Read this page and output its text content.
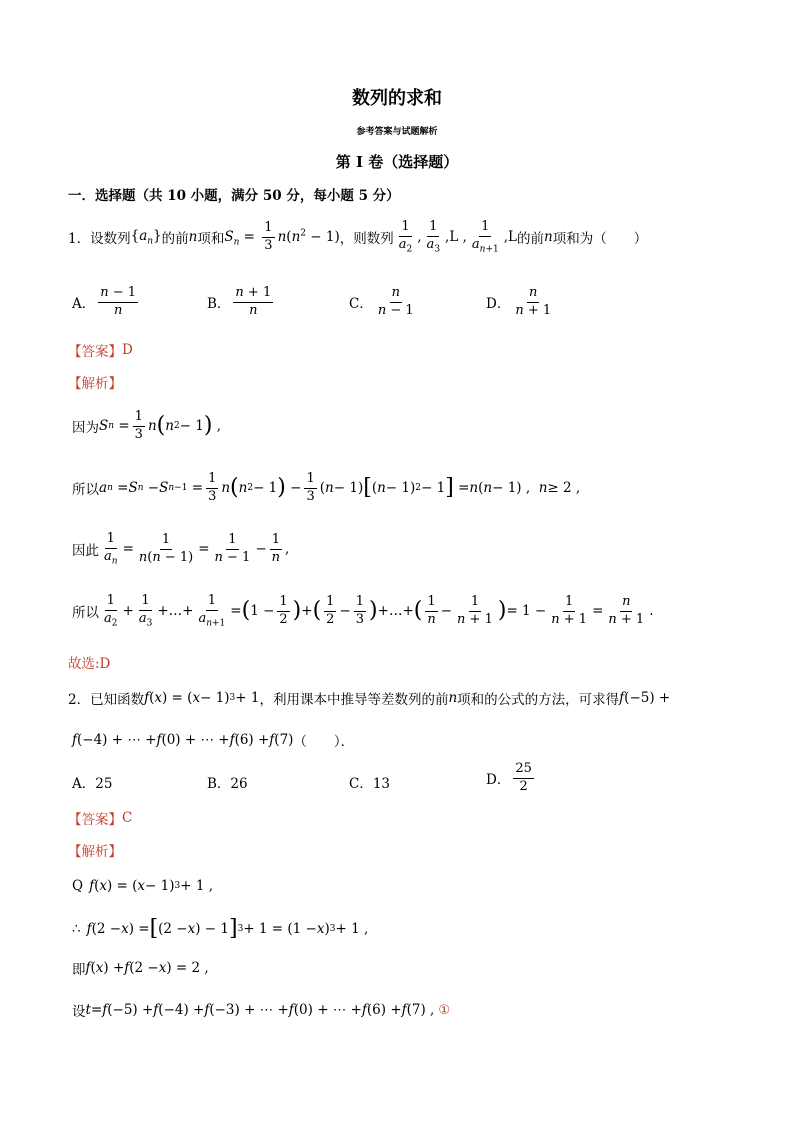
数列的求和
参考答案与试题解析
第 I 卷（选择题）
一．选择题（共 10 小题，满分 50 分，每小题 5 分）
1． 设数列 $\{a_n\}$ 的前 n 项和 $S_n = \frac{1}{3} n(n^2 - 1)$ ，则数列 $\frac{1}{a_2}$ , $\frac{1}{a_3} ,L$ , $\frac{1}{a_{n+1}} ,L$ 的前 n 项和为（　　）
A． $\frac{n - 1}{n}$	B． $\frac{n + 1}{n}$	C． $\frac{n}{n - 1}$	D． $\frac{n}{n + 1}$
【答案】 D
【解析】
因为 S $n = \frac{1}{3}$ n ( n 2 − 1 ) ,
所以 a n = S n − S $n-1 = \frac{1}{3}$ n ( n 2 − 1 ) − $\frac{1}{3}$ ( n − 1) [ ( n − 1) 2 − 1 ] = n ( n − 1) , n ≥ 2 ,
因此 $\frac{1}{a_n} = \frac{1}{n(n - 1)} = \frac{1}{n - 1} - \frac{1}{n}$ ,
所以 $\frac{1}{a_2} + \frac{1}{a_3}$ +…+ $\frac{1}{a_{n+1}}$ = ( $1 - \frac{1}{2}$ ) + ( $\frac{1}{2} - \frac{1}{3}$ ) +…+ ( $\frac{1}{n} - \frac{1}{n + 1}$ ) = $1 - \frac{1}{n + 1} = \frac{n}{n + 1}$ .
故选:D
2． 已知函数 f ( x ) = ( x − 1) 3 + 1 ，利用课本中推导等差数列的前 n 项和的公式的方法，可求得 f (−5) +
f (−4) + ⋯ + f (0) + ⋯ + f (6) + f (7) （　　）．
A．25	B．26	C．13	D． $\frac{25}{2}$
【答案】 C
【解析】
Q f ( x ) = ( x − 1) 3 + 1 ,
∴ f (2 − x ) = [ (2 − x ) − 1 ] 3 + 1 = (1 − x ) 3 + 1 ,
即 f ( x ) + f (2 − x ) = 2 ,
设 t = f (−5) + f (−4) + f (−3) + ⋯ + f (0) + ⋯ + f (6) + f (7) , ①
